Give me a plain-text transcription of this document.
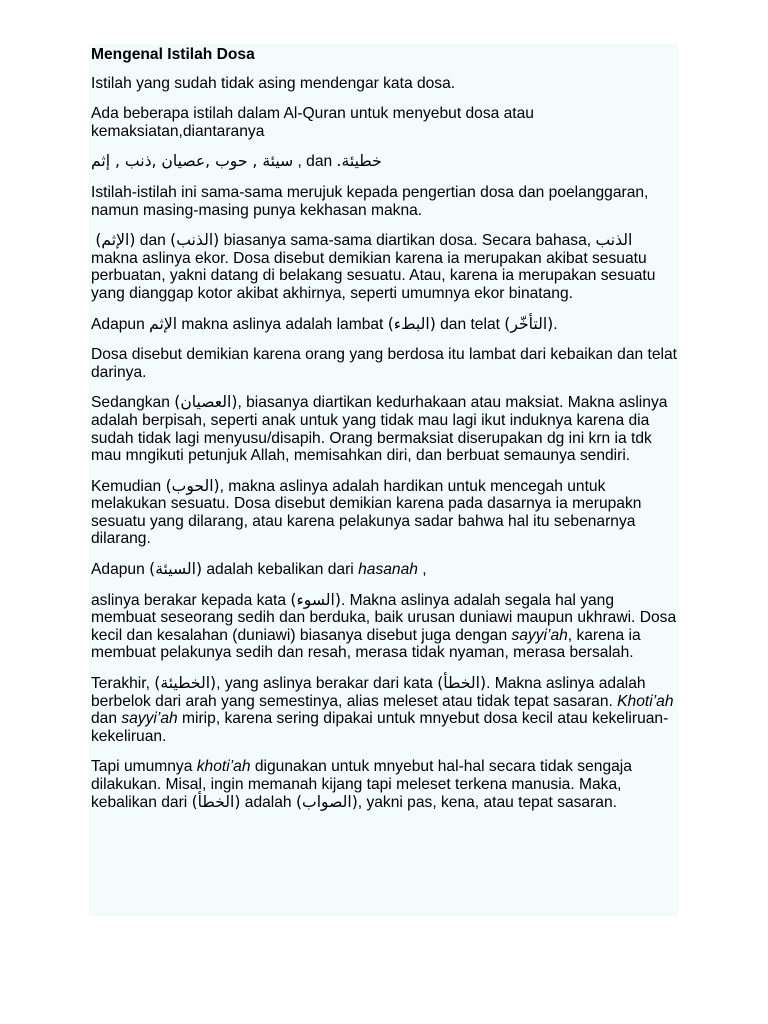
Mengenal Istilah Dosa

Istilah yang sudah tidak asing mendengar kata dosa.

Ada beberapa istilah dalam Al-Quran untuk menyebut dosa atau kemaksiatan,diantaranya

سيئة , حوب ,عصيان ,ذنب , إثم , dan خطيئة.

Istilah-istilah ini sama-sama merujuk kepada pengertian dosa dan poelanggaran, namun masing-masing punya kekhasan makna.

(الإثم) dan (الذنب) biasanya sama-sama diartikan dosa. Secara bahasa, الذنب makna aslinya ekor. Dosa disebut demikian karena ia merupakan akibat sesuatu perbuatan, yakni datang di belakang sesuatu. Atau, karena ia merupakan sesuatu yang dianggap kotor akibat akhirnya, seperti umumnya ekor binatang.

Adapun الإثم makna aslinya adalah lambat (البطء) dan telat (التأخّر).

Dosa disebut demikian karena orang yang berdosa itu lambat dari kebaikan dan telat darinya.

Sedangkan (العصيان), biasanya diartikan kedurhakaan atau maksiat. Makna aslinya adalah berpisah, seperti anak untuk yang tidak mau lagi ikut induknya karena dia sudah tidak lagi menyusu/disapih. Orang bermaksiat diserupakan dg ini krn ia tdk mau mngikuti petunjuk Allah, memisahkan diri, dan berbuat semaunya sendiri.

Kemudian (الحوب), makna aslinya adalah hardikan untuk mencegah untuk melakukan sesuatu. Dosa disebut demikian karena pada dasarnya ia merupakn sesuatu yang dilarang, atau karena pelakunya sadar bahwa hal itu sebenarnya dilarang.

Adapun (السيئة) adalah kebalikan dari hasanah ,

aslinya berakar kepada kata (السوء). Makna aslinya adalah segala hal yang membuat seseorang sedih dan berduka, baik urusan duniawi maupun ukhrawi. Dosa kecil dan kesalahan (duniawi) biasanya disebut juga dengan sayyi’ah, karena ia membuat pelakunya sedih dan resah, merasa tidak nyaman, merasa bersalah.

Terakhir, (الخطيئة), yang aslinya berakar dari kata (الخطأ). Makna aslinya adalah berbelok dari arah yang semestinya, alias meleset atau tidak tepat sasaran. Khoti’ah dan sayyi’ah mirip, karena sering dipakai untuk mnyebut dosa kecil atau kekeliruan-kekeliruan.

Tapi umumnya khoti’ah digunakan untuk mnyebut hal-hal secara tidak sengaja dilakukan. Misal, ingin memanah kijang tapi meleset terkena manusia. Maka, kebalikan dari (الخطأ) adalah (الصواب), yakni pas, kena, atau tepat sasaran.
